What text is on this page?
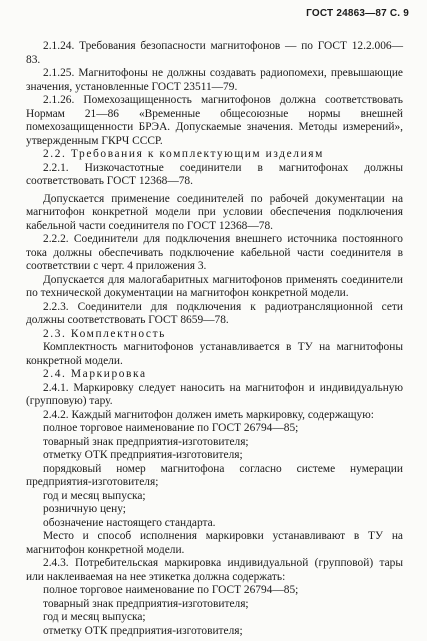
ГОСТ 24863—87 С. 9

2.1.24. Требования безопасности магнитофонов — по ГОСТ 12.2.006—83.

2.1.25. Магнитофоны не должны создавать радиопомехи, превышающие значения, установленные ГОСТ 23511—79.

2.1.26. Помехозащищенность магнитофонов должна соответствовать Нормам 21—86 «Временные общесоюзные нормы внешней помехозащищенности БРЭА. Допускаемые значения. Методы измерений», утвержденным ГКРЧ СССР.

2.2. Требования к комплектующим изделиям

2.2.1. Низкочастотные соединители в магнитофонах должны соответствовать ГОСТ 12368—78.

Допускается применение соединителей по рабочей документации на магнитофон конкретной модели при условии обеспечения подключения кабельной части соединителя по ГОСТ 12368—78.

2.2.2. Соединители для подключения внешнего источника постоянного тока должны обеспечивать подключение кабельной части соединителя в соответствии с черт. 4 приложения 3.

Допускается для малогабаритных магнитофонов применять соединители по технической документации на магнитофон конкретной модели.

2.2.3. Соединители для подключения к радиотрансляционной сети должны соответствовать ГОСТ 8659—78.

2.3. Комплектность

Комплектность магнитофонов устанавливается в ТУ на магнитофоны конкретной модели.

2.4. Маркировка

2.4.1. Маркировку следует наносить на магнитофон и индивидуальную (групповую) тару.

2.4.2. Каждый магнитофон должен иметь маркировку, содержащую:

полное торговое наименование по ГОСТ 26794—85;

товарный знак предприятия-изготовителя;

отметку ОТК предприятия-изготовителя;

порядковый номер магнитофона согласно системе нумерации предприятия-изготовителя;

год и месяц выпуска;

розничную цену;

обозначение настоящего стандарта.

Место и способ исполнения маркировки устанавливают в ТУ на магнитофон конкретной модели.

2.4.3. Потребительская маркировка индивидуальной (групповой) тары или наклеиваемая на нее этикетка должна содержать:

полное торговое наименование по ГОСТ 26794—85;

товарный знак предприятия-изготовителя;

год и месяц выпуска;

отметку ОТК предприятия-изготовителя;
